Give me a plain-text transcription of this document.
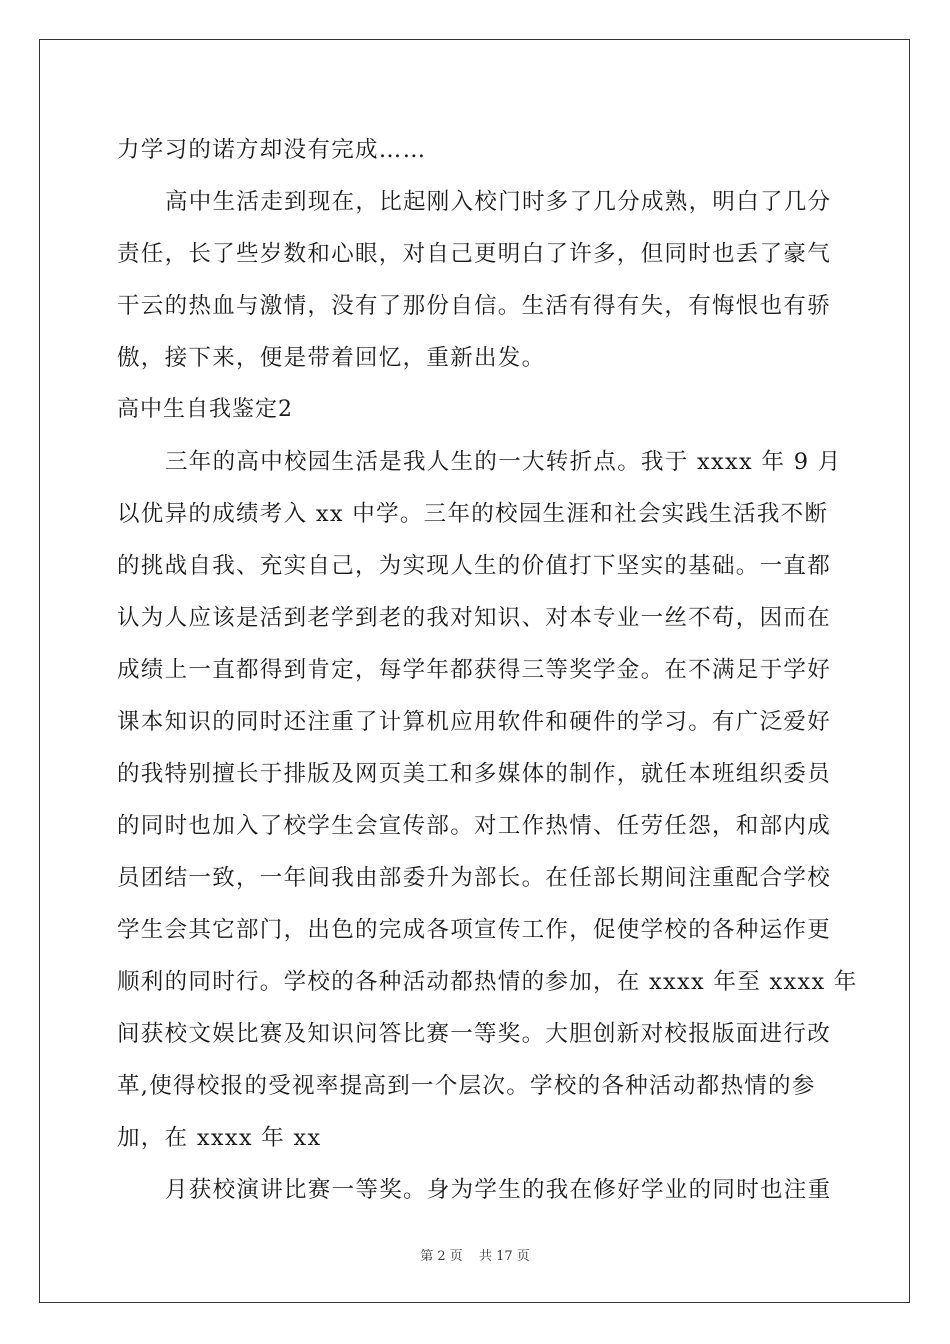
力学习的诺方却没有完成……
高中生活走到现在，比起刚入校门时多了几分成熟，明白了几分
责任，长了些岁数和心眼，对自己更明白了许多，但同时也丢了豪气
干云的热血与激情，没有了那份自信。生活有得有失，有悔恨也有骄
傲，接下来，便是带着回忆，重新出发。
高中生自我鉴定2
三年的高中校园生活是我人生的一大转折点。我于 xxxx 年 9 月
以优异的成绩考入 xx 中学。三年的校园生涯和社会实践生活我不断
的挑战自我、充实自己，为实现人生的价值打下坚实的基础。一直都
认为人应该是活到老学到老的我对知识、对本专业一丝不苟，因而在
成绩上一直都得到肯定，每学年都获得三等奖学金。在不满足于学好
课本知识的同时还注重了计算机应用软件和硬件的学习。有广泛爱好
的我特别擅长于排版及网页美工和多媒体的制作，就任本班组织委员
的同时也加入了校学生会宣传部。对工作热情、任劳任怨，和部内成
员团结一致，一年间我由部委升为部长。在任部长期间注重配合学校
学生会其它部门，出色的完成各项宣传工作，促使学校的各种运作更
顺利的同时行。学校的各种活动都热情的参加，在 xxxx 年至 xxxx 年
间获校文娱比赛及知识问答比赛一等奖。大胆创新对校报版面进行改
革,使得校报的受视率提高到一个层次。学校的各种活动都热情的参
加，在 xxxx 年 xx
月获校演讲比赛一等奖。身为学生的我在修好学业的同时也注重
第 2 页 共 17 页
